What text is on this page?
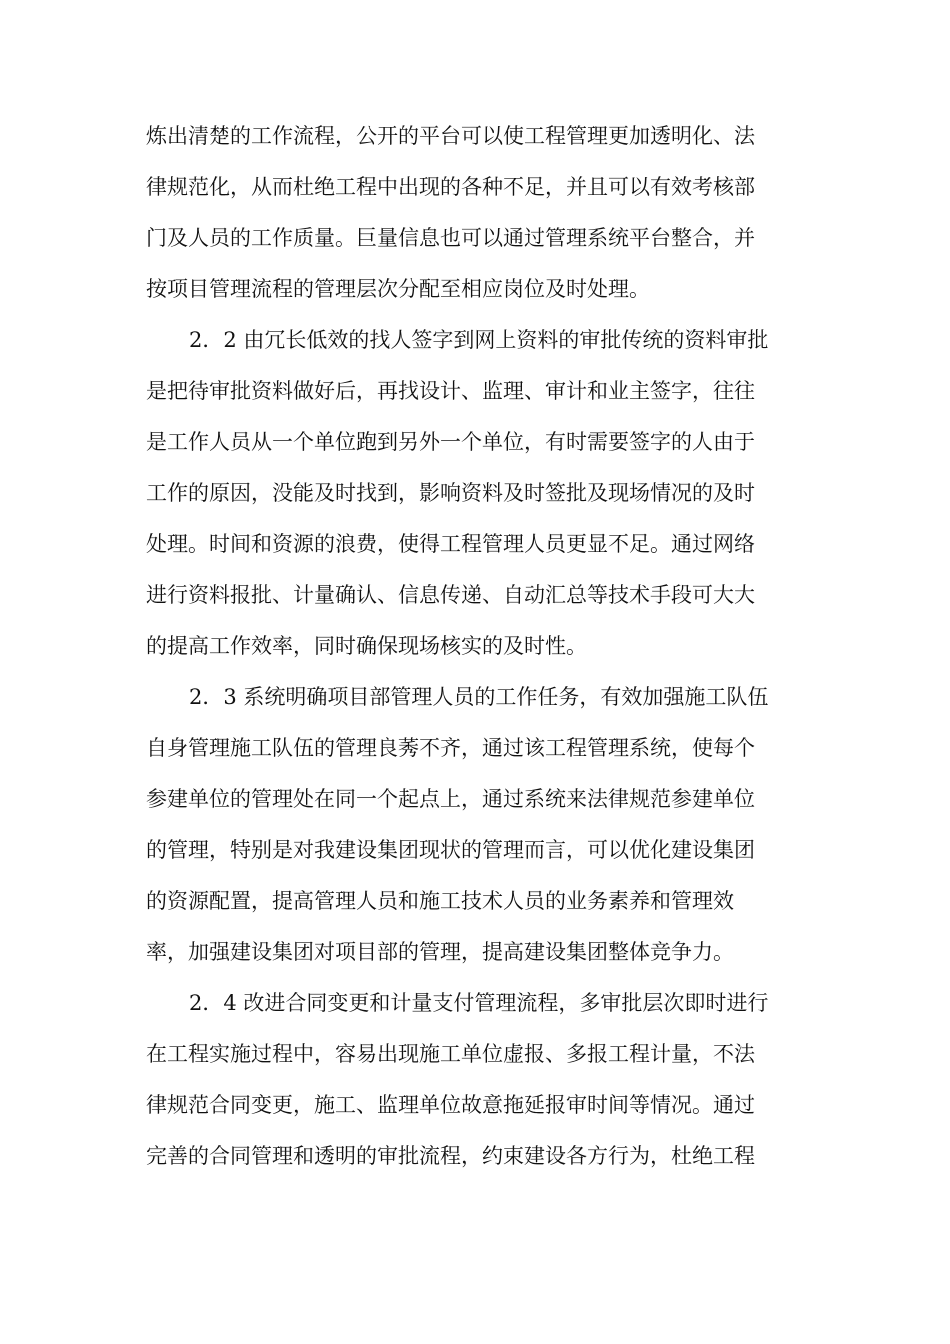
炼出清楚的工作流程，公开的平台可以使工程管理更加透明化、法
律规范化，从而杜绝工程中出现的各种不足，并且可以有效考核部
门及人员的工作质量。巨量信息也可以通过管理系统平台整合，并
按项目管理流程的管理层次分配至相应岗位及时处理。
2．2 由冗长低效的找人签字到网上资料的审批传统的资料审批
是把待审批资料做好后，再找设计、监理、审计和业主签字，往往
是工作人员从一个单位跑到另外一个单位，有时需要签字的人由于
工作的原因，没能及时找到，影响资料及时签批及现场情况的及时
处理。时间和资源的浪费，使得工程管理人员更显不足。通过网络
进行资料报批、计量确认、信息传递、自动汇总等技术手段可大大
的提高工作效率，同时确保现场核实的及时性。
2．3 系统明确项目部管理人员的工作任务，有效加强施工队伍
自身管理施工队伍的管理良莠不齐，通过该工程管理系统，使每个
参建单位的管理处在同一个起点上，通过系统来法律规范参建单位
的管理，特别是对我建设集团现状的管理而言，可以优化建设集团
的资源配置，提高管理人员和施工技术人员的业务素养和管理效
率，加强建设集团对项目部的管理，提高建设集团整体竞争力。
2．4 改进合同变更和计量支付管理流程，多审批层次即时进行
在工程实施过程中，容易出现施工单位虚报、多报工程计量，不法
律规范合同变更，施工、监理单位故意拖延报审时间等情况。通过
完善的合同管理和透明的审批流程，约束建设各方行为，杜绝工程
